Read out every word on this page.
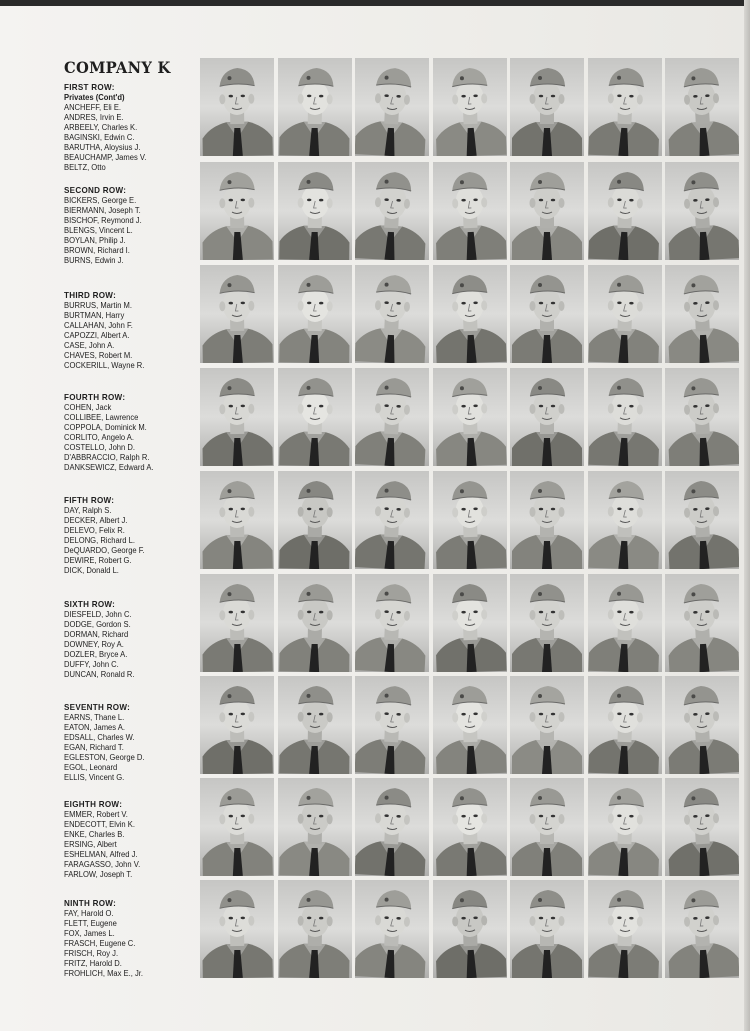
COMPANY K
FIRST ROW:
Privates (Cont'd)
ANCHEFF, Eli E.
ANDRES, Irvin E.
ARBEELY, Charles K.
BAGINSKI, Edwin C.
BARUTHA, Aloysius J.
BEAUCHAMP, James V.
BELTZ, Otto
SECOND ROW:
BICKERS, George E.
BIERMANN, Joseph T.
BISCHOF, Reymond J.
BLENGS, Vincent L.
BOYLAN, Philip J.
BROWN, Richard I.
BURNS, Edwin J.
THIRD ROW:
BURRUS, Martin M.
BURTMAN, Harry
CALLAHAN, John F.
CAPOZZI, Albert A.
CASE, John A.
CHAVES, Robert M.
COCKERILL, Wayne R.
FOURTH ROW:
COHEN, Jack
COLLIBEE, Lawrence
COPPOLA, Dominick M.
CORLITO, Angelo A.
COSTELLO, John D.
D'ABBRACCIO, Ralph R.
DANKSEWICZ, Edward A.
FIFTH ROW:
DAY, Ralph S.
DECKER, Albert J.
DELEVO, Felix R.
DELONG, Richard L.
DeQUARDO, George F.
DEWIRE, Robert G.
DICK, Donald L.
SIXTH ROW:
DIESFELD, John C.
DODGE, Gordon S.
DORMAN, Richard
DOWNEY, Roy A.
DOZLER, Bryce A.
DUFFY, John C.
DUNCAN, Ronald R.
SEVENTH ROW:
EARNS, Thane L.
EATON, James A.
EDSALL, Charles W.
EGAN, Richard T.
EGLESTON, George D.
EGOL, Leonard
ELLIS, Vincent G.
EIGHTH ROW:
EMMER, Robert V.
ENDECOTT, Elvin K.
ENKE, Charles B.
ERSING, Albert
ESHELMAN, Alfred J.
FARAGASSO, John V.
FARLOW, Joseph T.
NINTH ROW:
FAY, Harold O.
FLETT, Eugene
FOX, James L.
FRASCH, Eugene C.
FRISCH, Roy J.
FRITZ, Harold D.
FROHLICH, Max E., Jr.
